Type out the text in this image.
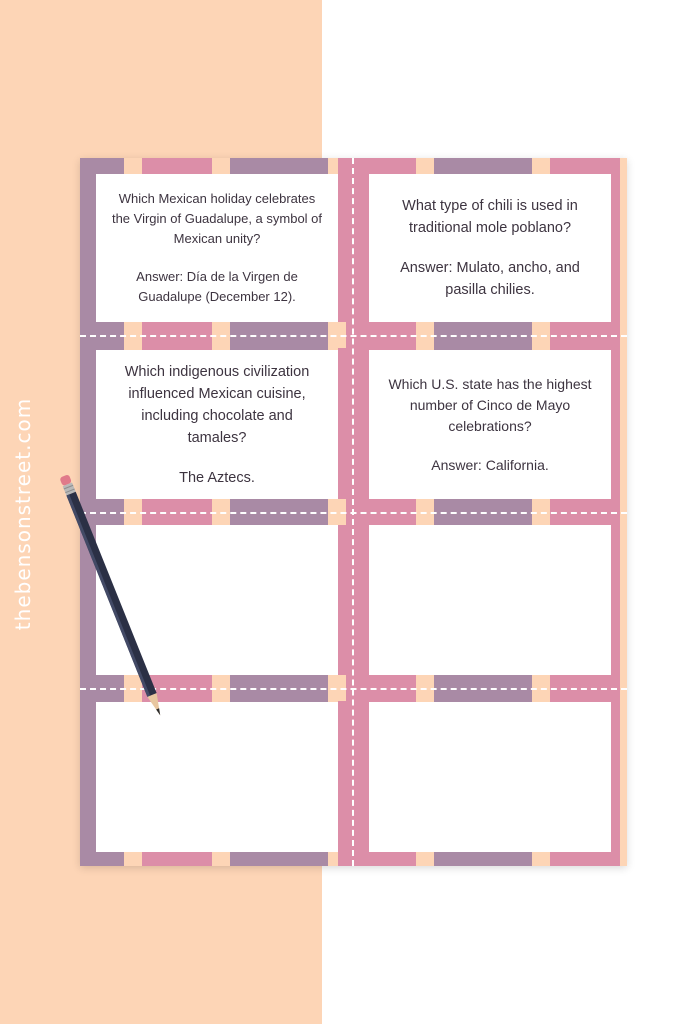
thebensonstreet.com

Which Mexican holiday celebrates the Virgin of Guadalupe, a symbol of Mexican unity?

Answer: Día de la Virgen de Guadalupe (December 12).

What type of chili is used in traditional mole poblano?

Answer: Mulato, ancho, and pasilla chilies.

Which indigenous civilization influenced Mexican cuisine, including chocolate and tamales?

The Aztecs.

Which U.S. state has the highest number of Cinco de Mayo celebrations?

Answer: California.
